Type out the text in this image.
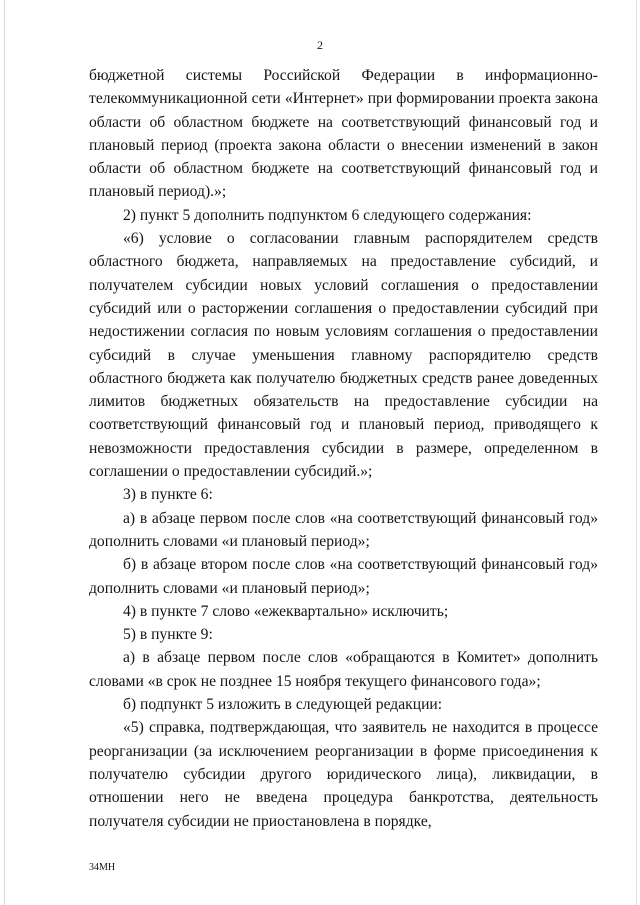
2

бюджетной системы Российской Федерации в информационно-телекоммуникационной сети «Интернет» при формировании проекта закона области об областном бюджете на соответствующий финансовый год и плановый период (проекта закона области о внесении изменений в закон области об областном бюджете на соответствующий финансовый год и плановый период).»;

2) пункт 5 дополнить подпунктом 6 следующего содержания:

«6) условие о согласовании главным распорядителем средств областного бюджета, направляемых на предоставление субсидий, и получателем субсидии новых условий соглашения о предоставлении субсидий или о расторжении соглашения о предоставлении субсидий при недостижении согласия по новым условиям соглашения о предоставлении субсидий в случае уменьшения главному распорядителю средств областного бюджета как получателю бюджетных средств ранее доведенных лимитов бюджетных обязательств на предоставление субсидии на соответствующий финансовый год и плановый период, приводящего к невозможности предоставления субсидии в размере, определенном в соглашении о предоставлении субсидий.»;

3) в пункте 6:

а) в абзаце первом после слов «на соответствующий финансовый год» дополнить словами «и плановый период»;

б) в абзаце втором после слов «на соответствующий финансовый год» дополнить словами «и плановый период»;

4) в пункте 7 слово «ежеквартально» исключить;

5) в пункте 9:

а) в абзаце первом после слов «обращаются в Комитет» дополнить словами «в срок не позднее 15 ноября текущего финансового года»;

б) подпункт 5 изложить в следующей редакции:

«5) справка, подтверждающая, что заявитель не находится в процессе реорганизации (за исключением реорганизации в форме присоединения к получателю субсидии другого юридического лица), ликвидации, в отношении него не введена процедура банкротства, деятельность получателя субсидии не приостановлена в порядке,

34МН
